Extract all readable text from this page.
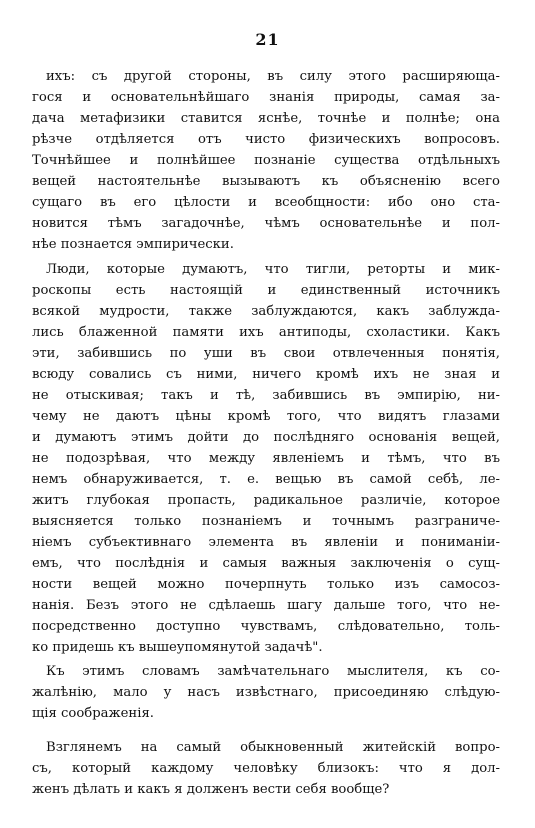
21
ихъ: съ другой стороны, въ силу этого расширяюща-
гося и основательнѣйшаго знанія природы, самая за-
дача метафизики ставится яснѣе, точнѣе и полнѣе; она
рѣзче отдѣляется отъ чисто физическихъ вопросовъ.
Точнѣйшее и полнѣйшее познаніе существа отдѣльныхъ
вещей настоятельнѣе вызываютъ къ объясненію всего
сущаго въ его цѣлости и всеобщности: ибо оно ста-
новится тѣмъ загадочнѣе, чѣмъ основательнѣе и пол-
нѣе познается эмпирически.
Люди, которые думаютъ, что тигли, реторты и мик-
роскопы есть настоящій и единственный источникъ
всякой мудрости, также заблуждаются, какъ заблуждa-
лись блаженной памяти ихъ антиподы, схоластики. Какъ
эти, забившись по уши въ свои отвлеченныя понятія,
всюду совались съ ними, ничего кромѣ ихъ не зная и
не отыскивая; такъ и тѣ, забившись въ эмпирію, ни-
чему не даютъ цѣны кромѣ того, что видятъ глазами
и думаютъ этимъ дойти до послѣдняго основанія вещей,
не подозрѣвая, что между явленіемъ и тѣмъ, что въ
немъ обнаруживается, т. е. вещью въ самой себѣ, ле-
житъ глубокая пропасть, радикальное различіе, которое
выясняется только познаніемъ и точнымъ разграниче-
ніемъ субъективнаго элемента въ явленіи и пониманіи-
емъ, что послѣднія и самыя важныя заключенія о сущ-
ности вещей можно почерпнуть только изъ самосоз-
нанія. Безъ этого не сдѣлаешь шагу дальше того, что не-
посредственно доступно чувствамъ, слѣдовательно, толь-
ко придешь къ вышеупомянутой задачѣ".
Къ этимъ словамъ замѣчательнаго мыслителя, къ со-
жалѣнію, мало у насъ извѣстнаго, присоединяю слѣдую-
щія соображенія.
Взглянемъ на самый обыкновенный житейскій вопро-
съ, который каждому человѣку близокъ: что я дол-
женъ дѣлать и какъ я долженъ вести себя вообще?
